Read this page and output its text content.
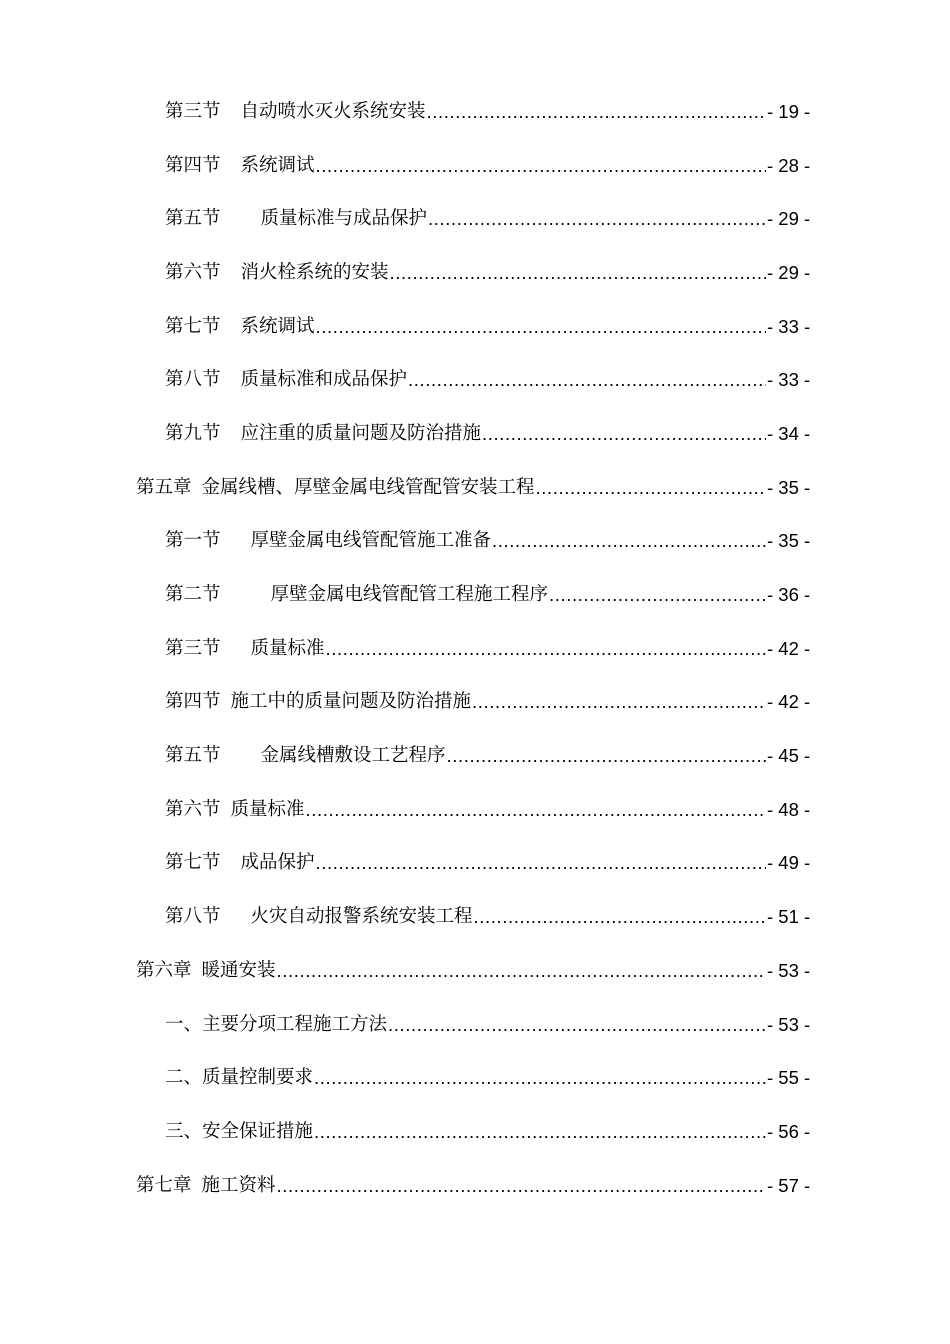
第三节 自动喷水灭火系统安装 .....	- 19 -
第四节 系统调试 .....	- 28 -
第五节 质量标准与成品保护 .....	- 29 -
第六节 消火栓系统的安装 .....	- 29 -
第七节 系统调试 .....	- 33 -
第八节 质量标准和成品保护 .....	- 33 -
第九节 应注重的质量问题及防治措施 .....	- 34 -
第五章 金属线槽、厚壁金属电线管配管安装工程 .....	- 35 -
第一节 厚壁金属电线管配管施工准备 .....	- 35 -
第二节	厚壁金属电线管配管工程施工程序 .....	- 36 -
第三节 质量标准 .....	- 42 -
第四节 施工中的质量问题及防治措施 .....	- 42 -
第五节 金属线槽敷设工艺程序 .....	- 45 -
第六节 质量标准 .....	- 48 -
第七节 成品保护 .....	- 49 -
第八节 火灾自动报警系统安装工程 .....	- 51 -
第六章 暖通安装 .....	- 53 -
一、 主要分项工程施工方法 .....	- 53 -
二、 质量控制要求 .....	- 55 -
三、 安全保证措施 .....	- 56 -
第七章 施工资料 .....	- 57 -
